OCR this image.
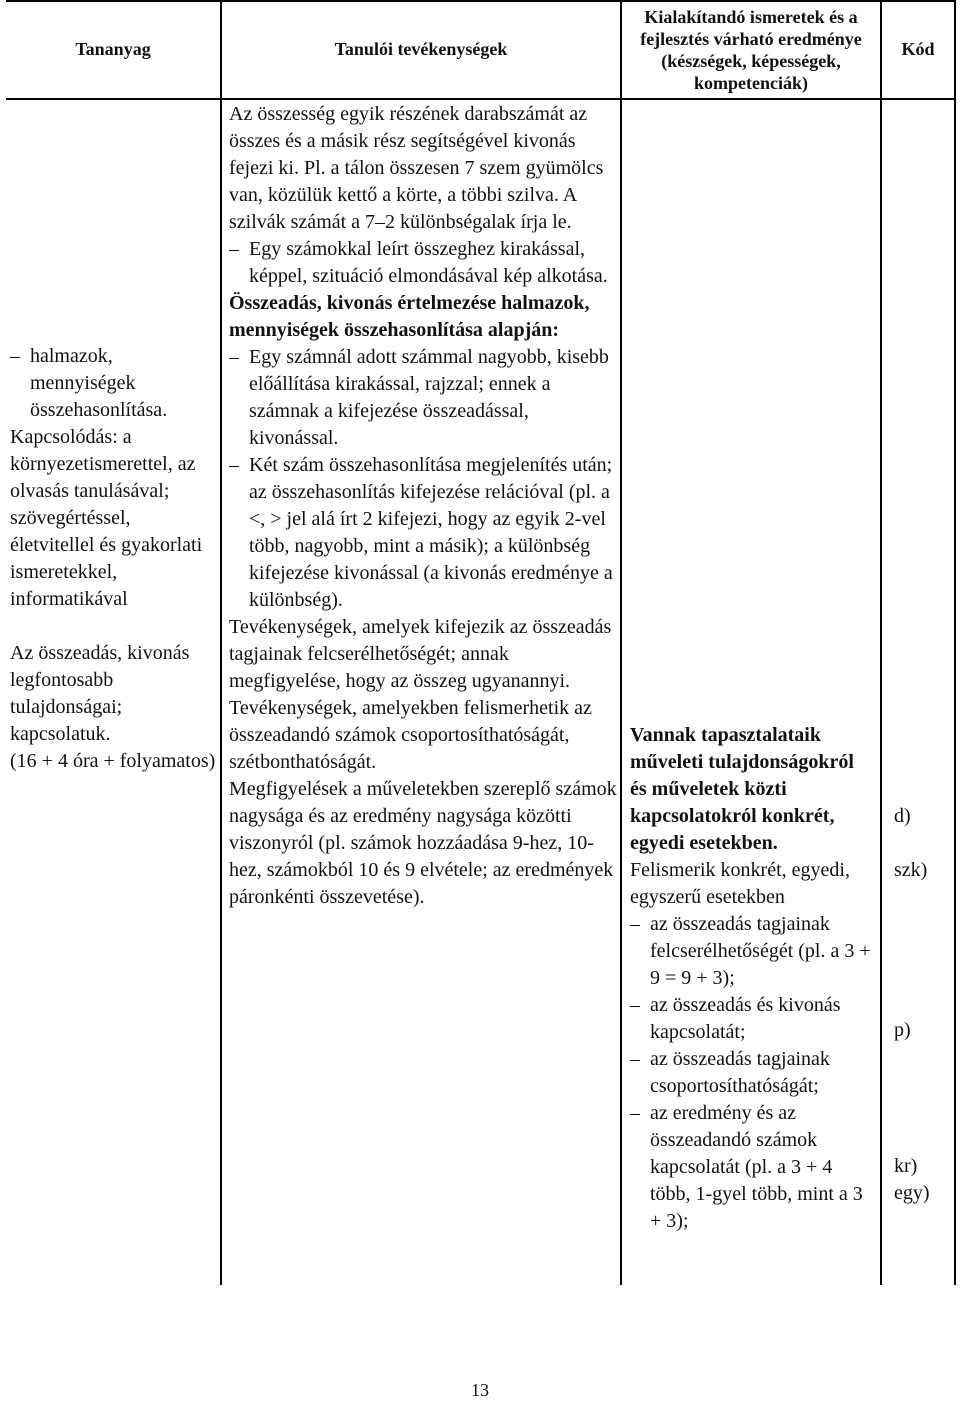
Tananyag	Tanulói tevékenységek
Kialakítandó ismeretek és a
fejlesztés várható eredménye
(készségek, képességek,
kompetenciák)
Kód

– halmazok, mennyiségek összehasonlítása.

Kapcsolódás: a környezetismerettel, az olvasás tanulásával; szövegértéssel, életvitellel és gyakorlati ismeretekkel, informatikával

Az összeadás, kivonás legfontosabb tulajdonságai; kapcsolatuk.

(16 + 4 óra + folyamatos)

Az összesség egyik részének darabszámát az összes és a másik rész segítségével kivonás fejezi ki. Pl. a tálon összesen 7 szem gyümölcs van, közülük kettő a körte, a többi szilva. A szilvák számát a 7–2 különbségalak írja le.

– Egy számokkal leírt összeghez kirakással, képpel, szituáció elmondásával kép alkotása.

Összeadás, kivonás értelmezése halmazok, mennyiségek összehasonlítása alapján:

– Egy számnál adott számmal nagyobb, kisebb előállítása kirakással, rajzzal; ennek a számnak a kifejezése összeadással, kivonással.

– Két szám összehasonlítása megjelenítés után; az összehasonlítás kifejezése relációval (pl. a <, > jel alá írt 2 kifejezi, hogy az egyik 2-vel több, nagyobb, mint a másik); a különbség kifejezése kivonással (a kivonás eredménye a különbség).

Tevékenységek, amelyek kifejezik az összeadás tagjainak felcserélhetőségét; annak megfigyelése, hogy az összeg ugyanannyi.

Tevékenységek, amelyekben felismerhetik az összeadandó számok csoportosíthatóságát, szétbonthatóságát.

Megfigyelések a műveletekben szereplő számok nagysága és az eredmény nagysága közötti viszonyról (pl. számok hozzáadása 9-hez, 10-hez, számokból 10 és 9 elvétele; az eredmények páronkénti összevetése).

Vannak tapasztalataik műveleti tulajdonságokról és műveletek közti kapcsolatokról konkrét, egyedi esetekben.

Felismerik konkrét, egyedi, egyszerű esetekben

– az összeadás tagjainak felcserélhetőségét (pl. a 3 + 9 = 9 + 3);

– az összeadás és kivonás kapcsolatát;

– az összeadás tagjainak csoportosíthatóságát;

– az eredmény és az összeadandó számok kapcsolatát (pl. a 3 + 4 több, 1-gyel több, mint a 3 + 3);

d)
szk)
p)
kr)
egy)
13
